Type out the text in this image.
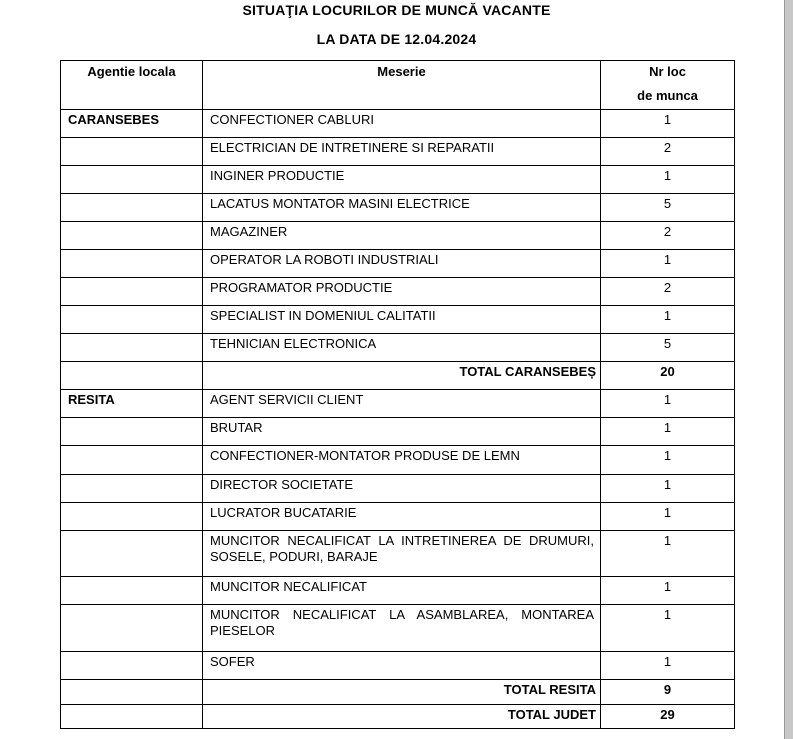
SITUAŢIA LOCURILOR DE MUNCĂ VACANTE
LA DATA DE 12.04.2024
Agentie locala	Meserie	Nr loc
de munca

CARANSEBES	CONFECTIONER CABLURI	1
	ELECTRICIAN DE INTRETINERE SI REPARATII	2
	INGINER PRODUCTIE	1
	LACATUS MONTATOR MASINI ELECTRICE	5
	MAGAZINER	2
	OPERATOR LA ROBOTI INDUSTRIALI	1
	PROGRAMATOR PRODUCTIE	2
	SPECIALIST IN DOMENIUL CALITATII	1
	TEHNICIAN ELECTRONICA	5
	TOTAL CARANSEBEȘ	20
RESITA	AGENT SERVICII CLIENT	1
	BRUTAR	1
	CONFECTIONER-MONTATOR PRODUSE DE LEMN	1
	DIRECTOR SOCIETATE	1
	LUCRATOR BUCATARIE	1
	MUNCITOR NECALIFICAT LA INTRETINEREA DE DRUMURI, SOSELE, PODURI, BARAJE	1
	MUNCITOR NECALIFICAT	1
	MUNCITOR NECALIFICAT LA ASAMBLAREA, MONTAREA PIESELOR	1
	SOFER	1
	TOTAL RESITA	9
	TOTAL JUDET	29
